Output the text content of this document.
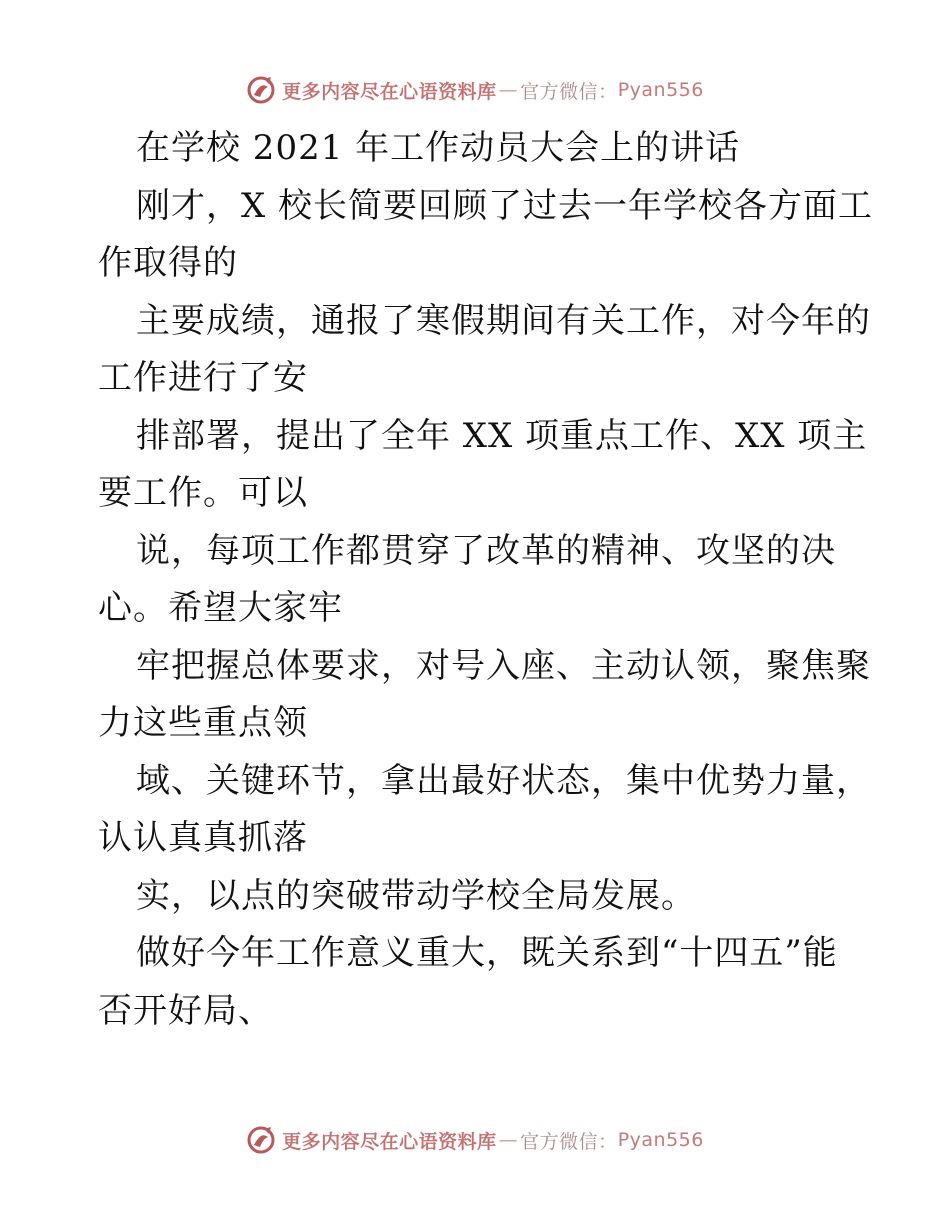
更多内容尽在心语资料库 — 官方微信： Pyan556
在学校 2021 年工作动员大会上的讲话
刚才，X 校长简要回顾了过去一年学校各方面工
作取得的
主要成绩，通报了寒假期间有关工作，对今年的
工作进行了安
排部署，提出了全年 XX 项重点工作、XX 项主
要工作。可以
说，每项工作都贯穿了改革的精神、攻坚的决
心。希望大家牢
牢把握总体要求，对号入座、主动认领，聚焦聚
力这些重点领
域、关键环节，拿出最好状态，集中优势力量，
认认真真抓落
实，以点的突破带动学校全局发展。
做好今年工作意义重大，既关系到“十四五”能
否开好局、
更多内容尽在心语资料库 — 官方微信： Pyan556
